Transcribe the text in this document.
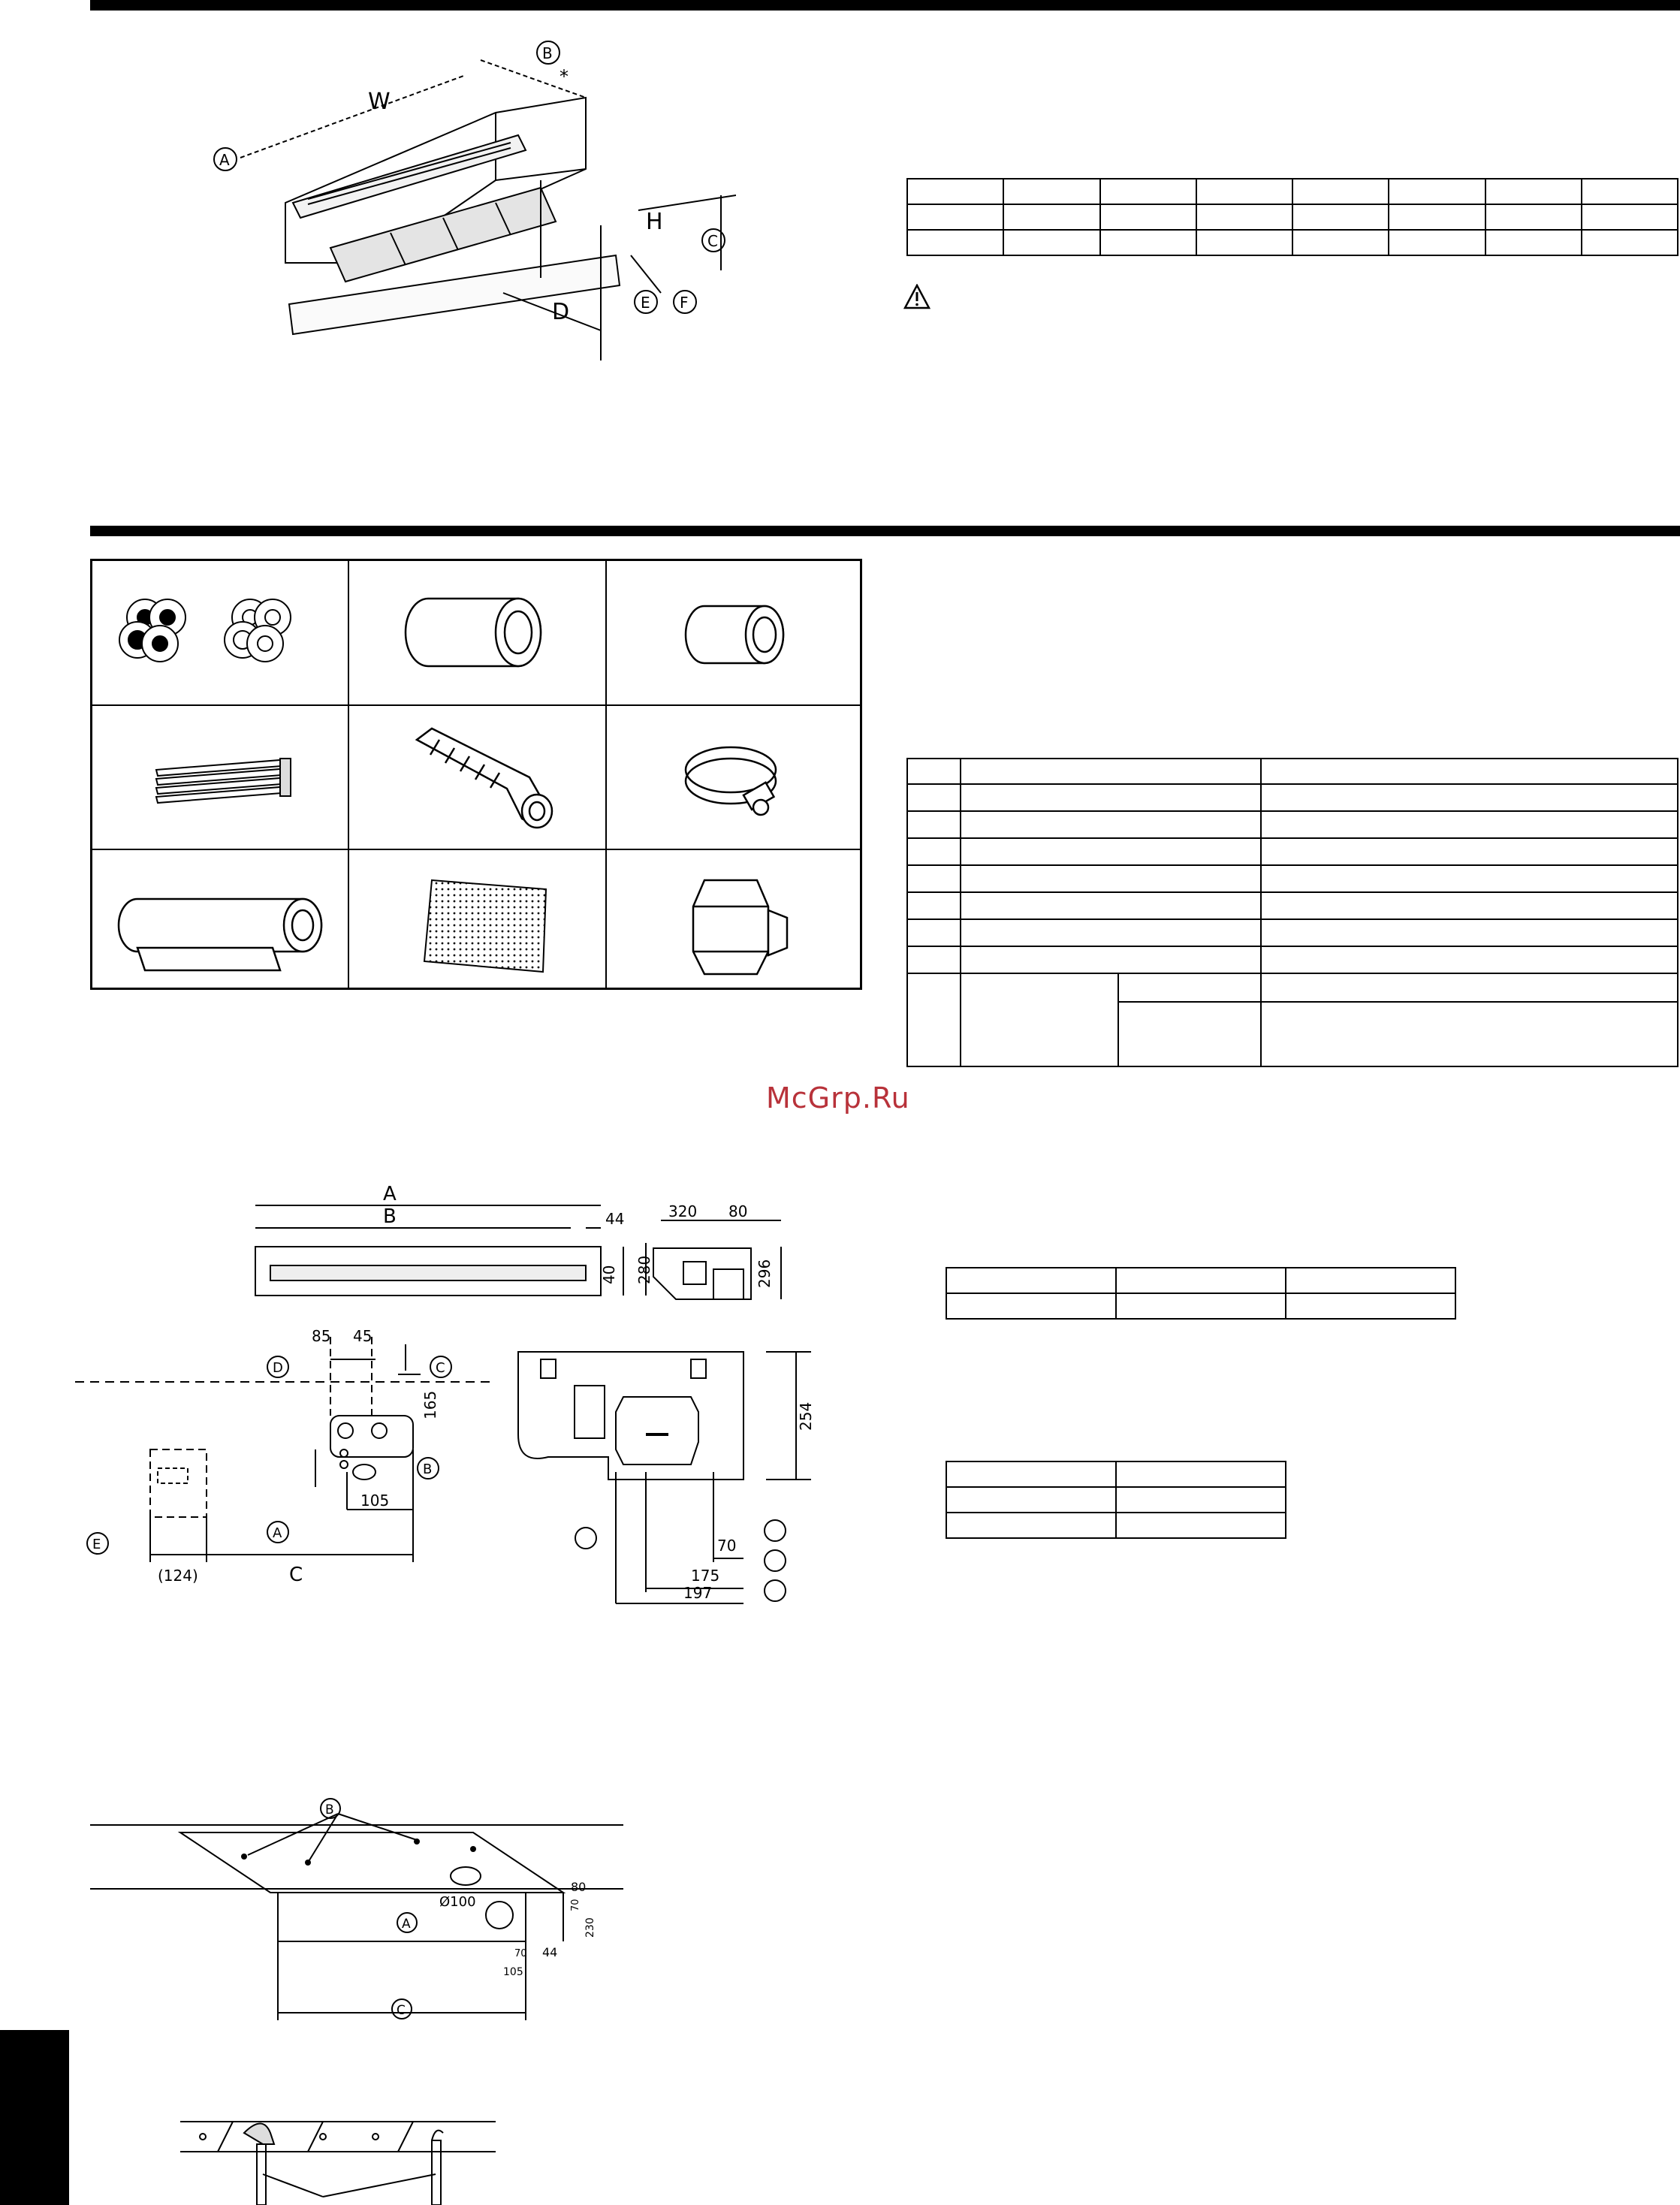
W
H
D
*
A
B
C
E F

McGrp.Ru
A
B	44
40 280
320 80
296
85 45
165
105
(124)	C
254
70
175
197
D	C
B
A
E

B
A
C
Ø100
80
70
230
70 44
105
